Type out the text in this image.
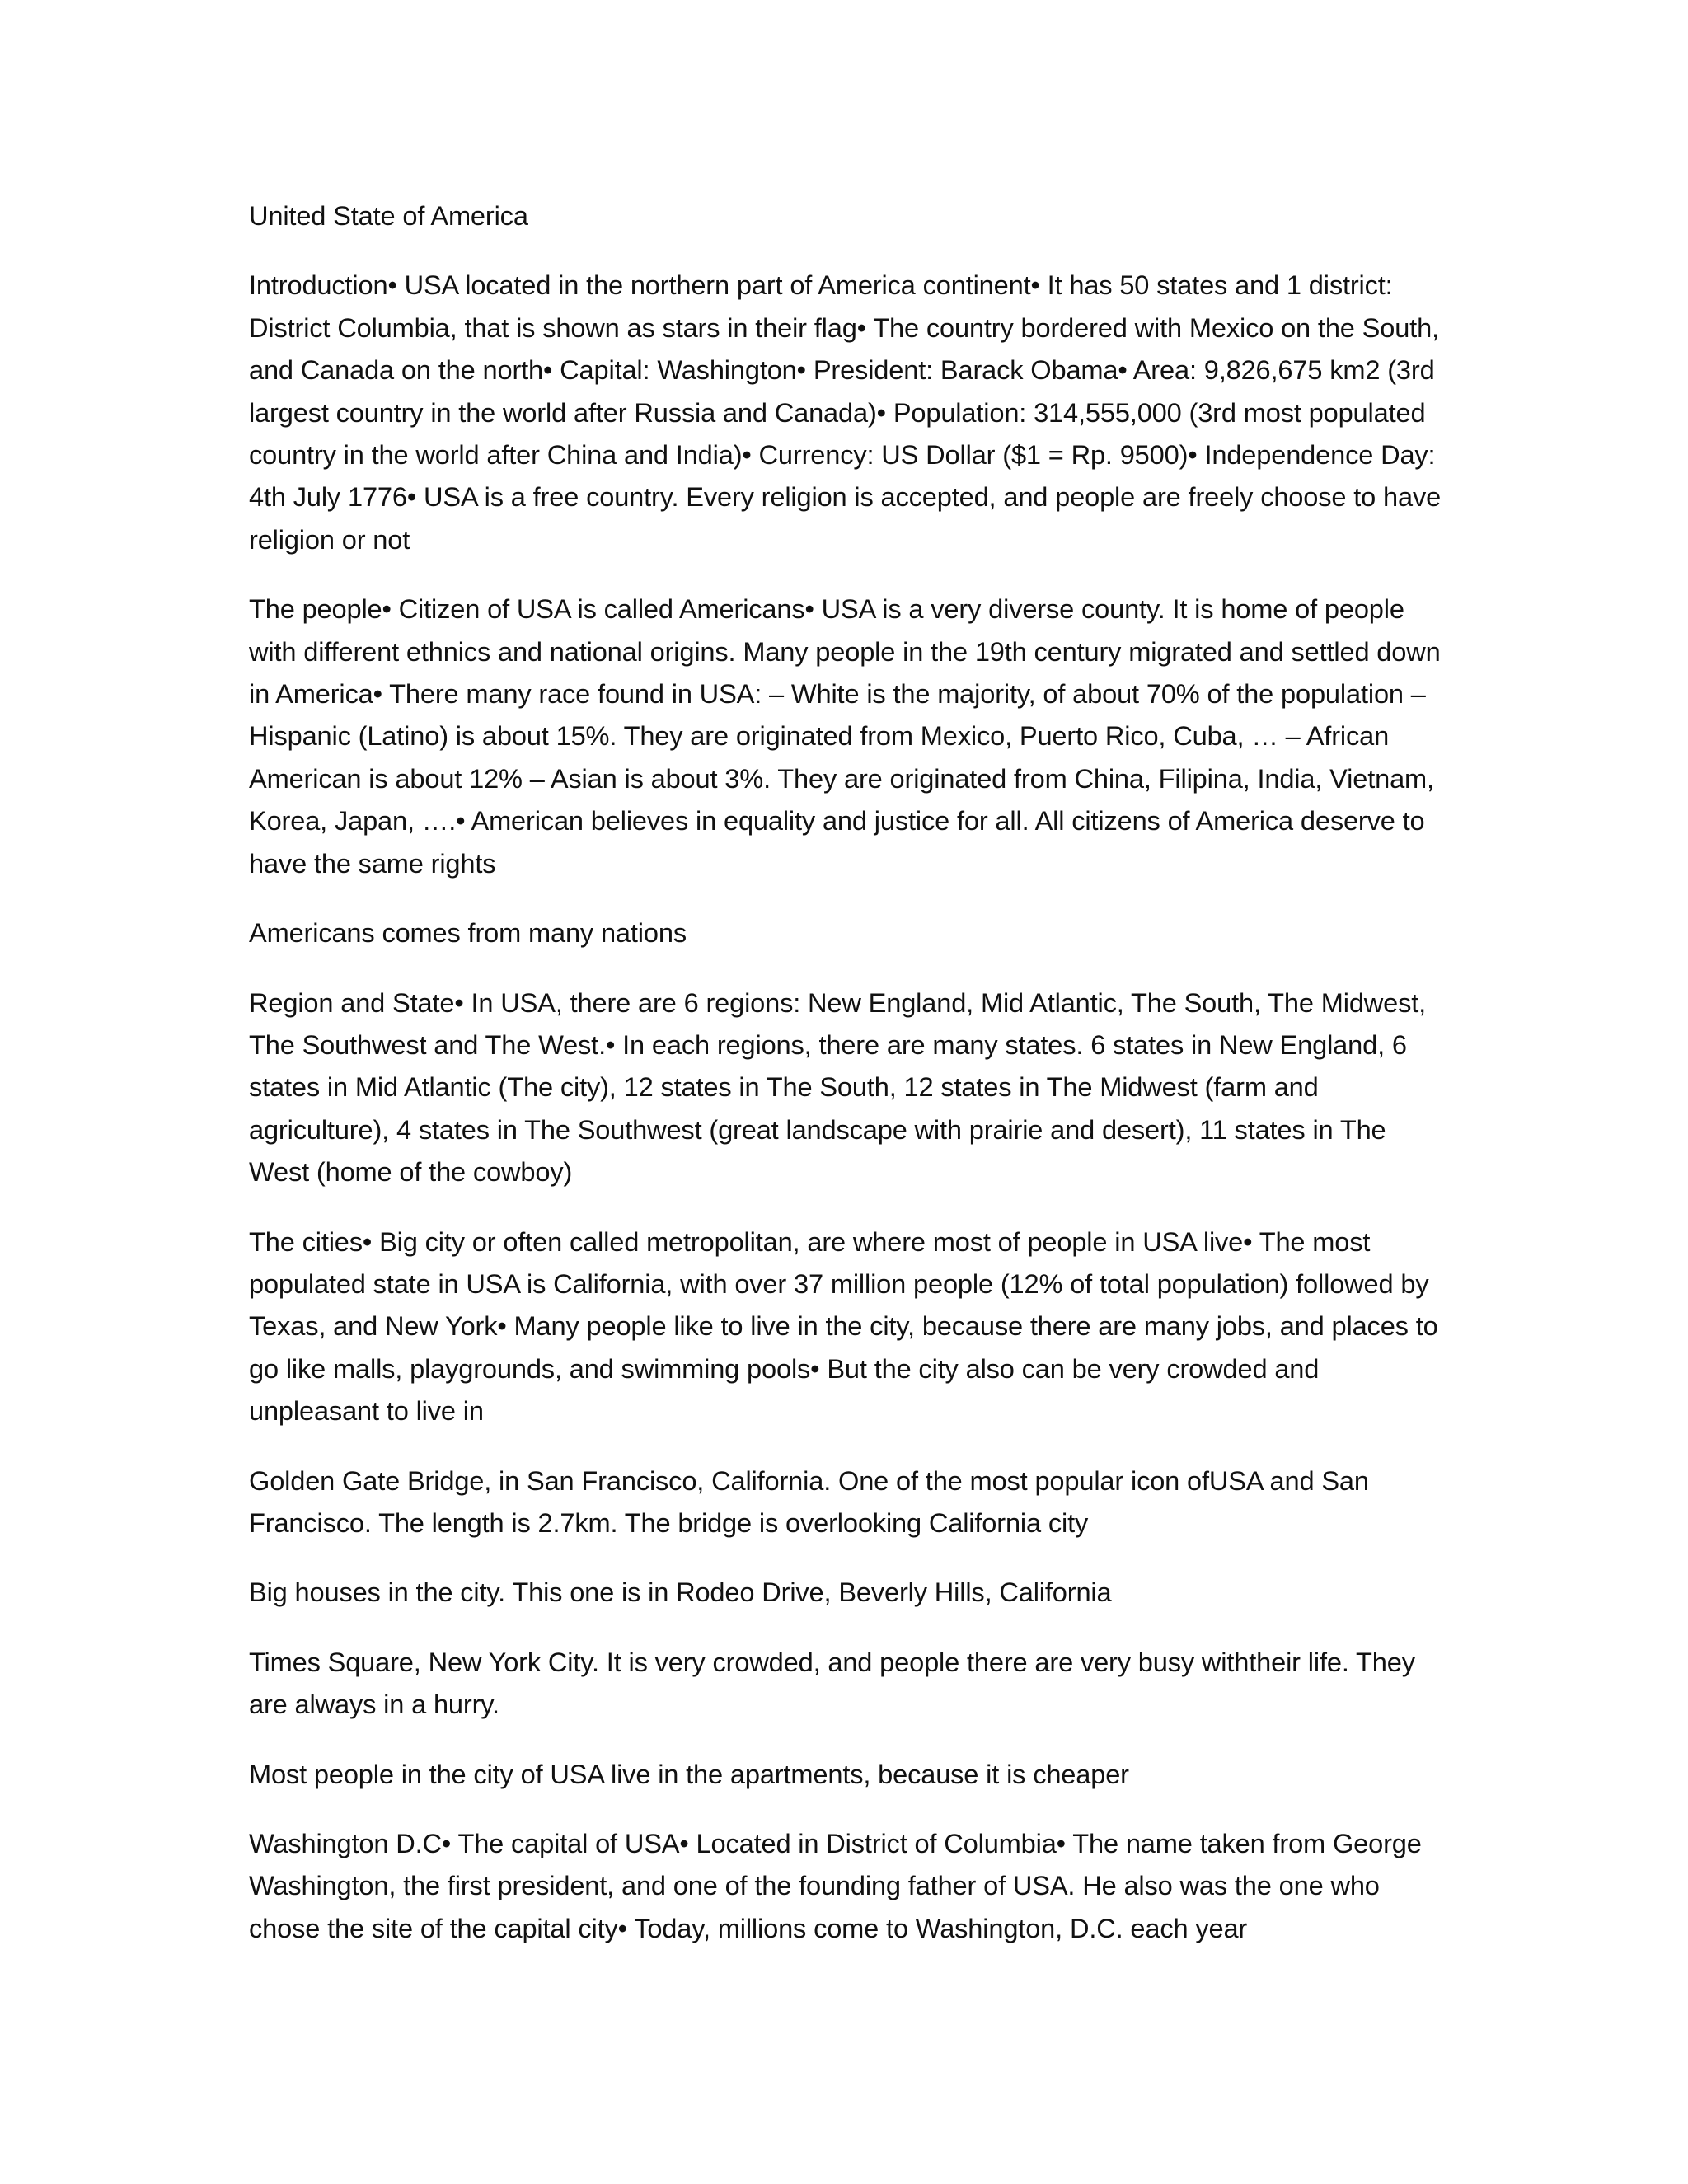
United State of America

Introduction• USA located in the northern part of America continent• It has 50 states and 1 district: District Columbia, that is shown as stars in their flag• The country bordered with Mexico on the South, and Canada on the north• Capital: Washington• President: Barack Obama• Area: 9,826,675 km2 (3rd largest country in the world after Russia and Canada)• Population: 314,555,000 (3rd most populated country in the world after China and India)• Currency: US Dollar ($1 = Rp. 9500)• Independence Day: 4th July 1776• USA is a free country. Every religion is accepted, and people are freely choose to have religion or not

The people• Citizen of USA is called Americans• USA is a very diverse county. It is home of people with different ethnics and national origins. Many people in the 19th century migrated and settled down in America• There many race found in USA: – White is the majority, of about 70% of the population – Hispanic (Latino) is about 15%. They are originated from Mexico, Puerto Rico, Cuba, … – African American is about 12% – Asian is about 3%. They are originated from China, Filipina, India, Vietnam, Korea, Japan, ….• American believes in equality and justice for all. All citizens of America deserve to have the same rights

Americans comes from many nations

Region and State• In USA, there are 6 regions: New England, Mid Atlantic, The South, The Midwest, The Southwest and The West.• In each regions, there are many states. 6 states in New England, 6 states in Mid Atlantic (The city), 12 states in The South, 12 states in The Midwest (farm and agriculture), 4 states in The Southwest (great landscape with prairie and desert), 11 states in The West (home of the cowboy)

The cities• Big city or often called metropolitan, are where most of people in USA live• The most populated state in USA is California, with over 37 million people (12% of total population) followed by Texas, and New York• Many people like to live in the city, because there are many jobs, and places to go like malls, playgrounds, and swimming pools• But the city also can be very crowded and unpleasant to live in

Golden Gate Bridge, in San Francisco, California. One of the most popular icon ofUSA and San Francisco. The length is 2.7km. The bridge is overlooking California city

Big houses in the city. This one is in Rodeo Drive, Beverly Hills, California

Times Square, New York City. It is very crowded, and people there are very busy withtheir life. They are always in a hurry.

Most people in the city of USA live in the apartments, because it is cheaper

Washington D.C• The capital of USA• Located in District of Columbia• The name taken from George Washington, the first president, and one of the founding father of USA. He also was the one who chose the site of the capital city• Today, millions come to Washington, D.C. each year
